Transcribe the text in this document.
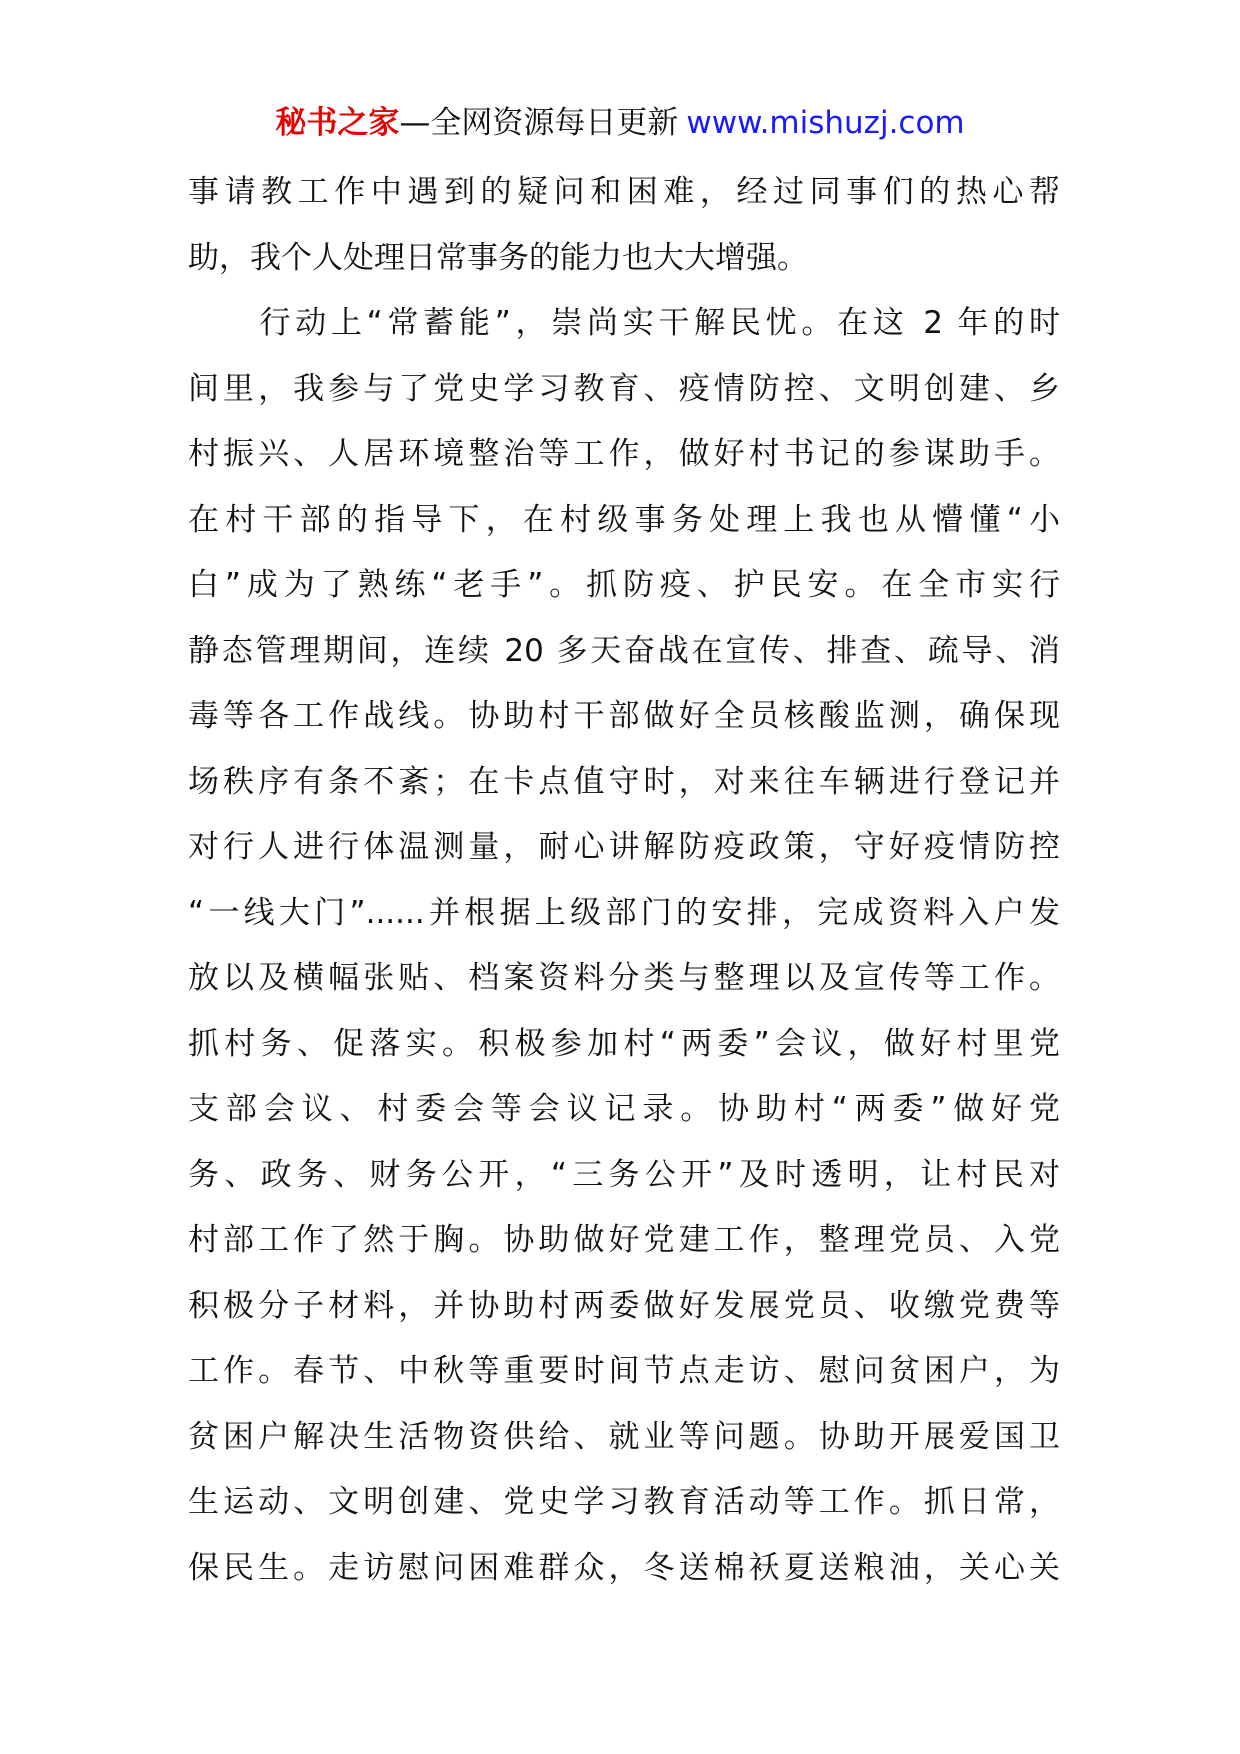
秘书之家—全网资源每日更新 www.mishuzj.com
事请教工作中遇到的疑问和困难，经过同事们的热心帮
助，我个人处理日常事务的能力也大大增强。
　　行动上“常蓄能”，崇尚实干解民忧。在这 2 年的时
间里，我参与了党史学习教育、疫情防控、文明创建、乡
村振兴、人居环境整治等工作，做好村书记的参谋助手。
在村干部的指导下，在村级事务处理上我也从懵懂“小
白”成为了熟练“老手”。抓防疫、护民安。在全市实行
静态管理期间，连续 20 多天奋战在宣传、排查、疏导、消
毒等各工作战线。协助村干部做好全员核酸监测，确保现
场秩序有条不紊；在卡点值守时，对来往车辆进行登记并
对行人进行体温测量，耐心讲解防疫政策，守好疫情防控
“一线大门”......并根据上级部门的安排，完成资料入户发
放以及横幅张贴、档案资料分类与整理以及宣传等工作。
抓村务、促落实。积极参加村“两委”会议，做好村里党
支部会议、村委会等会议记录。协助村“两委”做好党
务、政务、财务公开，“三务公开”及时透明，让村民对
村部工作了然于胸。协助做好党建工作，整理党员、入党
积极分子材料，并协助村两委做好发展党员、收缴党费等
工作。春节、中秋等重要时间节点走访、慰问贫困户，为
贫困户解决生活物资供给、就业等问题。协助开展爱国卫
生运动、文明创建、党史学习教育活动等工作。抓日常，
保民生。走访慰问困难群众，冬送棉袄夏送粮油，关心关
